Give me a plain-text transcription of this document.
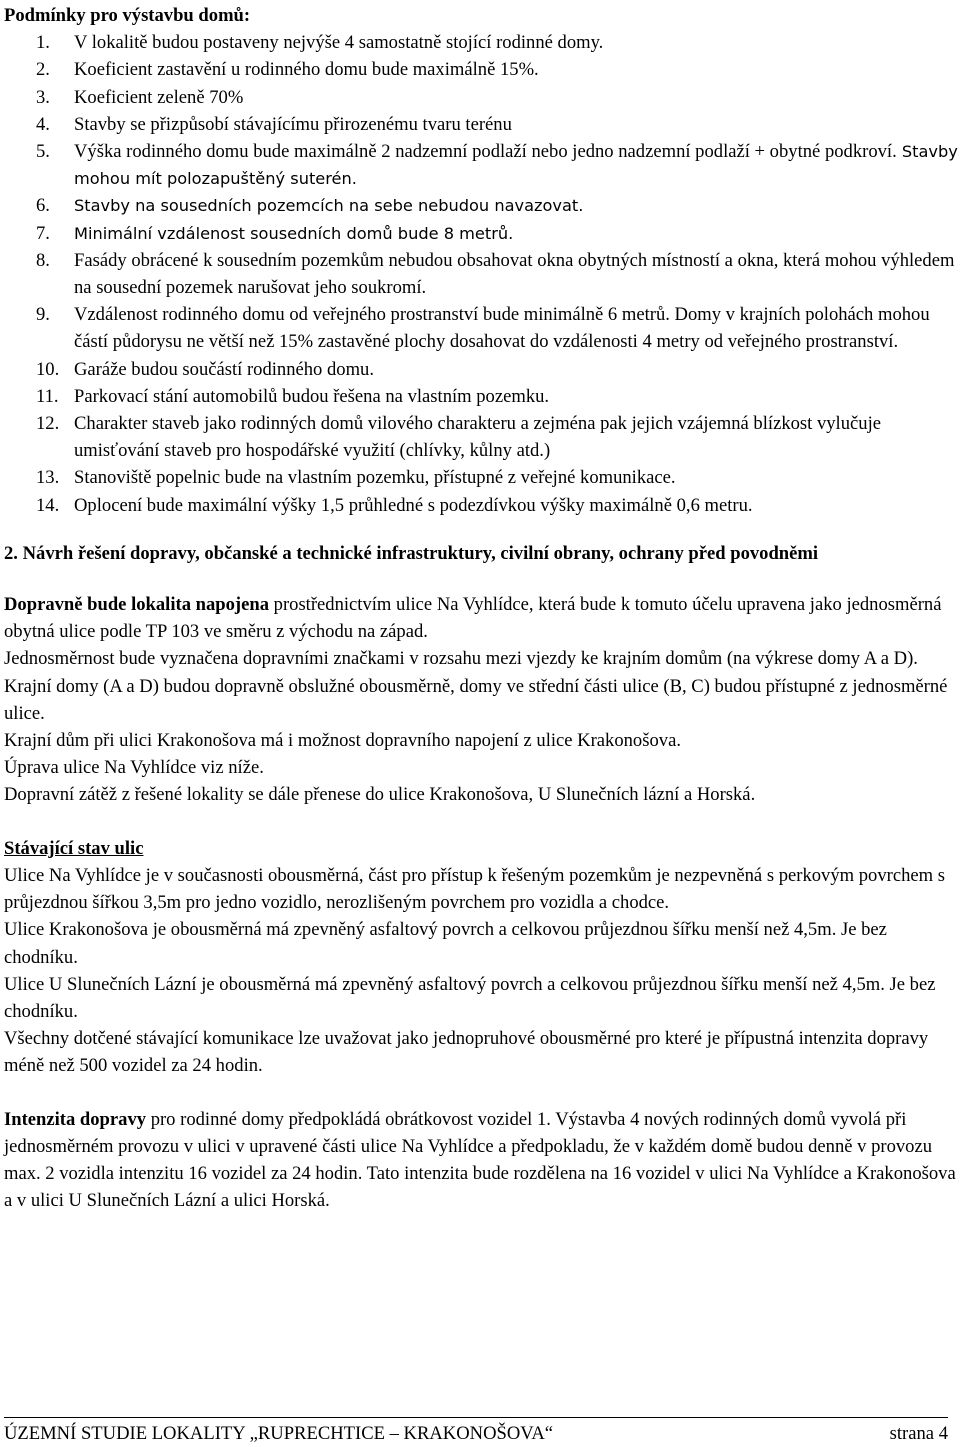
Podmínky pro výstavbu domů:
1. V lokalitě budou postaveny nejvýše 4 samostatně stojící rodinné domy.
2. Koeficient zastavění u rodinného domu bude maximálně 15%.
3. Koeficient zeleně 70%
4. Stavby se přizpůsobí stávajícímu přirozenému tvaru terénu
5. Výška rodinného domu bude maximálně 2 nadzemní podlaží nebo jedno nadzemní podlaží + obytné podkroví. Stavby mohou mít polozapuštěný suterén.
6. Stavby na sousedních pozemcích na sebe nebudou navazovat.
7. Minimální vzdálenost sousedních domů bude 8 metrů.
8. Fasády obrácené k sousedním pozemkům nebudou obsahovat okna obytných místností a okna, která mohou výhledem na sousední pozemek narušovat jeho soukromí.
9. Vzdálenost rodinného domu od veřejného prostranství bude minimálně 6 metrů. Domy v krajních polohách mohou částí půdorysu ne větší než 15% zastavěné plochy dosahovat do vzdálenosti 4 metry od veřejného prostranství.
10. Garáže budou součástí rodinného domu.
11. Parkovací stání automobilů budou řešena na vlastním pozemku.
12. Charakter staveb jako rodinných domů vilového charakteru a zejména pak jejich vzájemná blízkost vylučuje umisťování staveb pro hospodářské využití (chlívky, kůlny atd.)
13. Stanoviště popelnic bude na vlastním pozemku, přístupné z veřejné komunikace.
14. Oplocení bude maximální výšky 1,5 průhledné s podezdívkou výšky maximálně 0,6 metru.
2. Návrh řešení dopravy, občanské a technické infrastruktury, civilní obrany, ochrany před povodněmi

Dopravně bude lokalita napojena prostřednictvím ulice Na Vyhlídce, která bude k tomuto účelu upravena jako jednosměrná obytná ulice podle TP 103 ve směru z východu na západ.

Jednosměrnost bude vyznačena dopravními značkami v rozsahu mezi vjezdy ke krajním domům (na výkrese domy A a D). Krajní domy (A a D) budou dopravně obslužné obousměrně, domy ve střední části ulice (B, C) budou přístupné z jednosměrné ulice.

Krajní dům při ulici Krakonošova má i možnost dopravního napojení z ulice Krakonošova.

Úprava ulice Na Vyhlídce viz níže.

Dopravní zátěž z řešené lokality se dále přenese do ulice Krakonošova, U Slunečních lázní a Horská.

Stávající stav ulic

Ulice Na Vyhlídce je v současnosti obousměrná, část pro přístup k řešeným pozemkům je nezpevněná s perkovým povrchem s průjezdnou šířkou 3,5m pro jedno vozidlo, nerozlišeným povrchem pro vozidla a chodce.

Ulice Krakonošova je obousměrná má zpevněný asfaltový povrch a celkovou průjezdnou šířku menší než 4,5m. Je bez chodníku.

Ulice U Slunečních Lázní je obousměrná má zpevněný asfaltový povrch a celkovou průjezdnou šířku menší než 4,5m. Je bez chodníku.

Všechny dotčené stávající komunikace lze uvažovat jako jednopruhové obousměrné pro které je přípustná intenzita dopravy méně než 500 vozidel za 24 hodin.

Intenzita dopravy pro rodinné domy předpokládá obrátkovost vozidel 1. Výstavba 4 nových rodinných domů vyvolá při jednosměrném provozu v ulici v upravené části ulice Na Vyhlídce a předpokladu, že v každém domě budou denně v provozu max. 2 vozidla intenzitu 16 vozidel za 24 hodin. Tato intenzita bude rozdělena na 16 vozidel v ulici Na Vyhlídce a Krakonošova a v ulici U Slunečních Lázní a ulici Horská.

ÚZEMNÍ STUDIE LOKALITY „RUPRECHTICE – KRAKONOŠOVA“	strana 4
